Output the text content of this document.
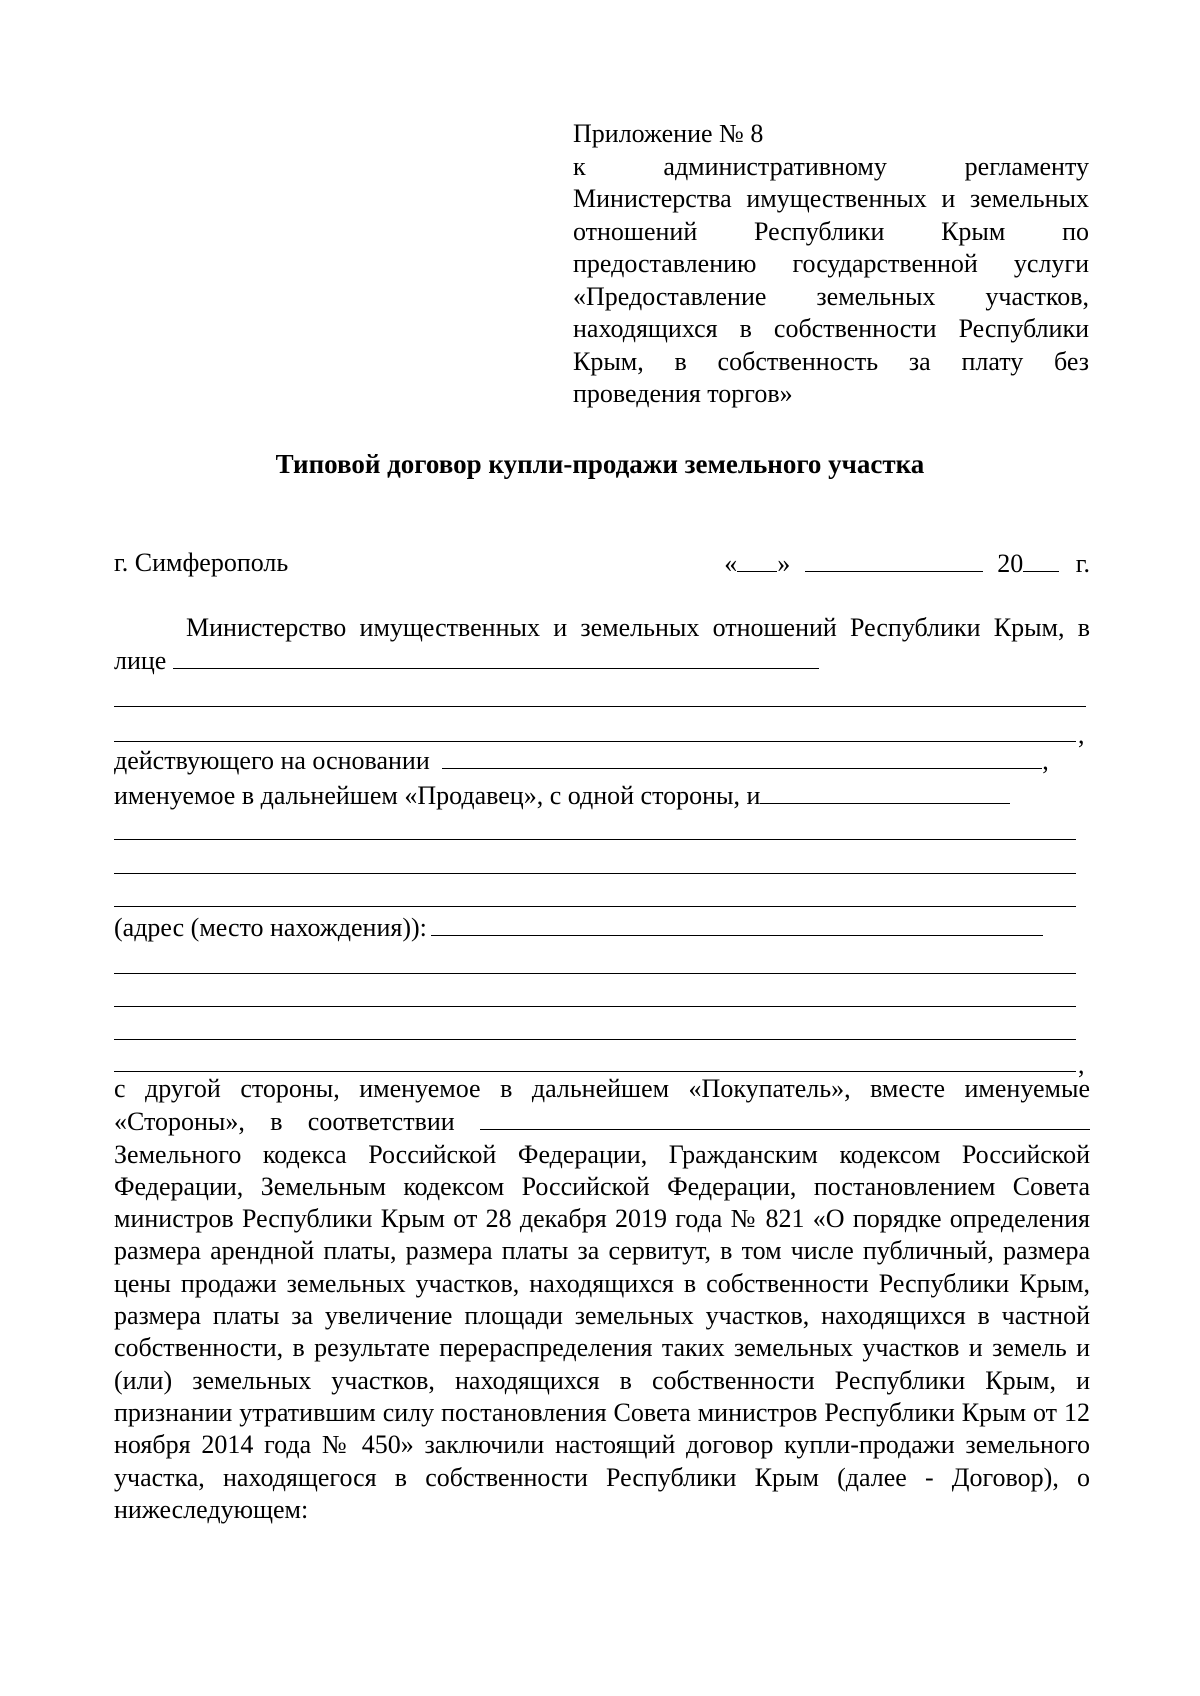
Приложение № 8
к административному регламенту Министерства имущественных и земельных отношений Республики Крым по предоставлению государственной услуги «Предоставление земельных участков, находящихся в собственности Республики Крым, в собственность за плату без проведения торгов»
Типовой договор купли-продажи земельного участка
г. Симферополь	« »	20 г.
Министерство имущественных и земельных отношений Республики Крым, в лице
,
действующего на основании	,
именуемое в дальнейшем «Продавец», с одной стороны, и
(адрес (место нахождения)):
,
с другой стороны, именуемое в дальнейшем «Покупатель», вместе именуемые «Стороны», в соответствии  Земельного кодекса Российской Федерации, Гражданским кодексом Российской Федерации, Земельным кодексом Российской Федерации, постановлением Совета министров Республики Крым от 28 декабря 2019 года № 821 «О порядке определения размера арендной платы, размера платы за сервитут, в том числе публичный, размера цены продажи земельных участков, находящихся в собственности Республики Крым, размера платы за увеличение площади земельных участков, находящихся в частной собственности, в результате перераспределения таких земельных участков и земель и (или) земельных участков, находящихся в собственности Республики Крым, и признании утратившим силу постановления Совета министров Республики Крым от 12 ноября 2014 года № 450» заключили настоящий договор купли-продажи земельного участка, находящегося в собственности Республики Крым (далее - Договор), о нижеследующем:
